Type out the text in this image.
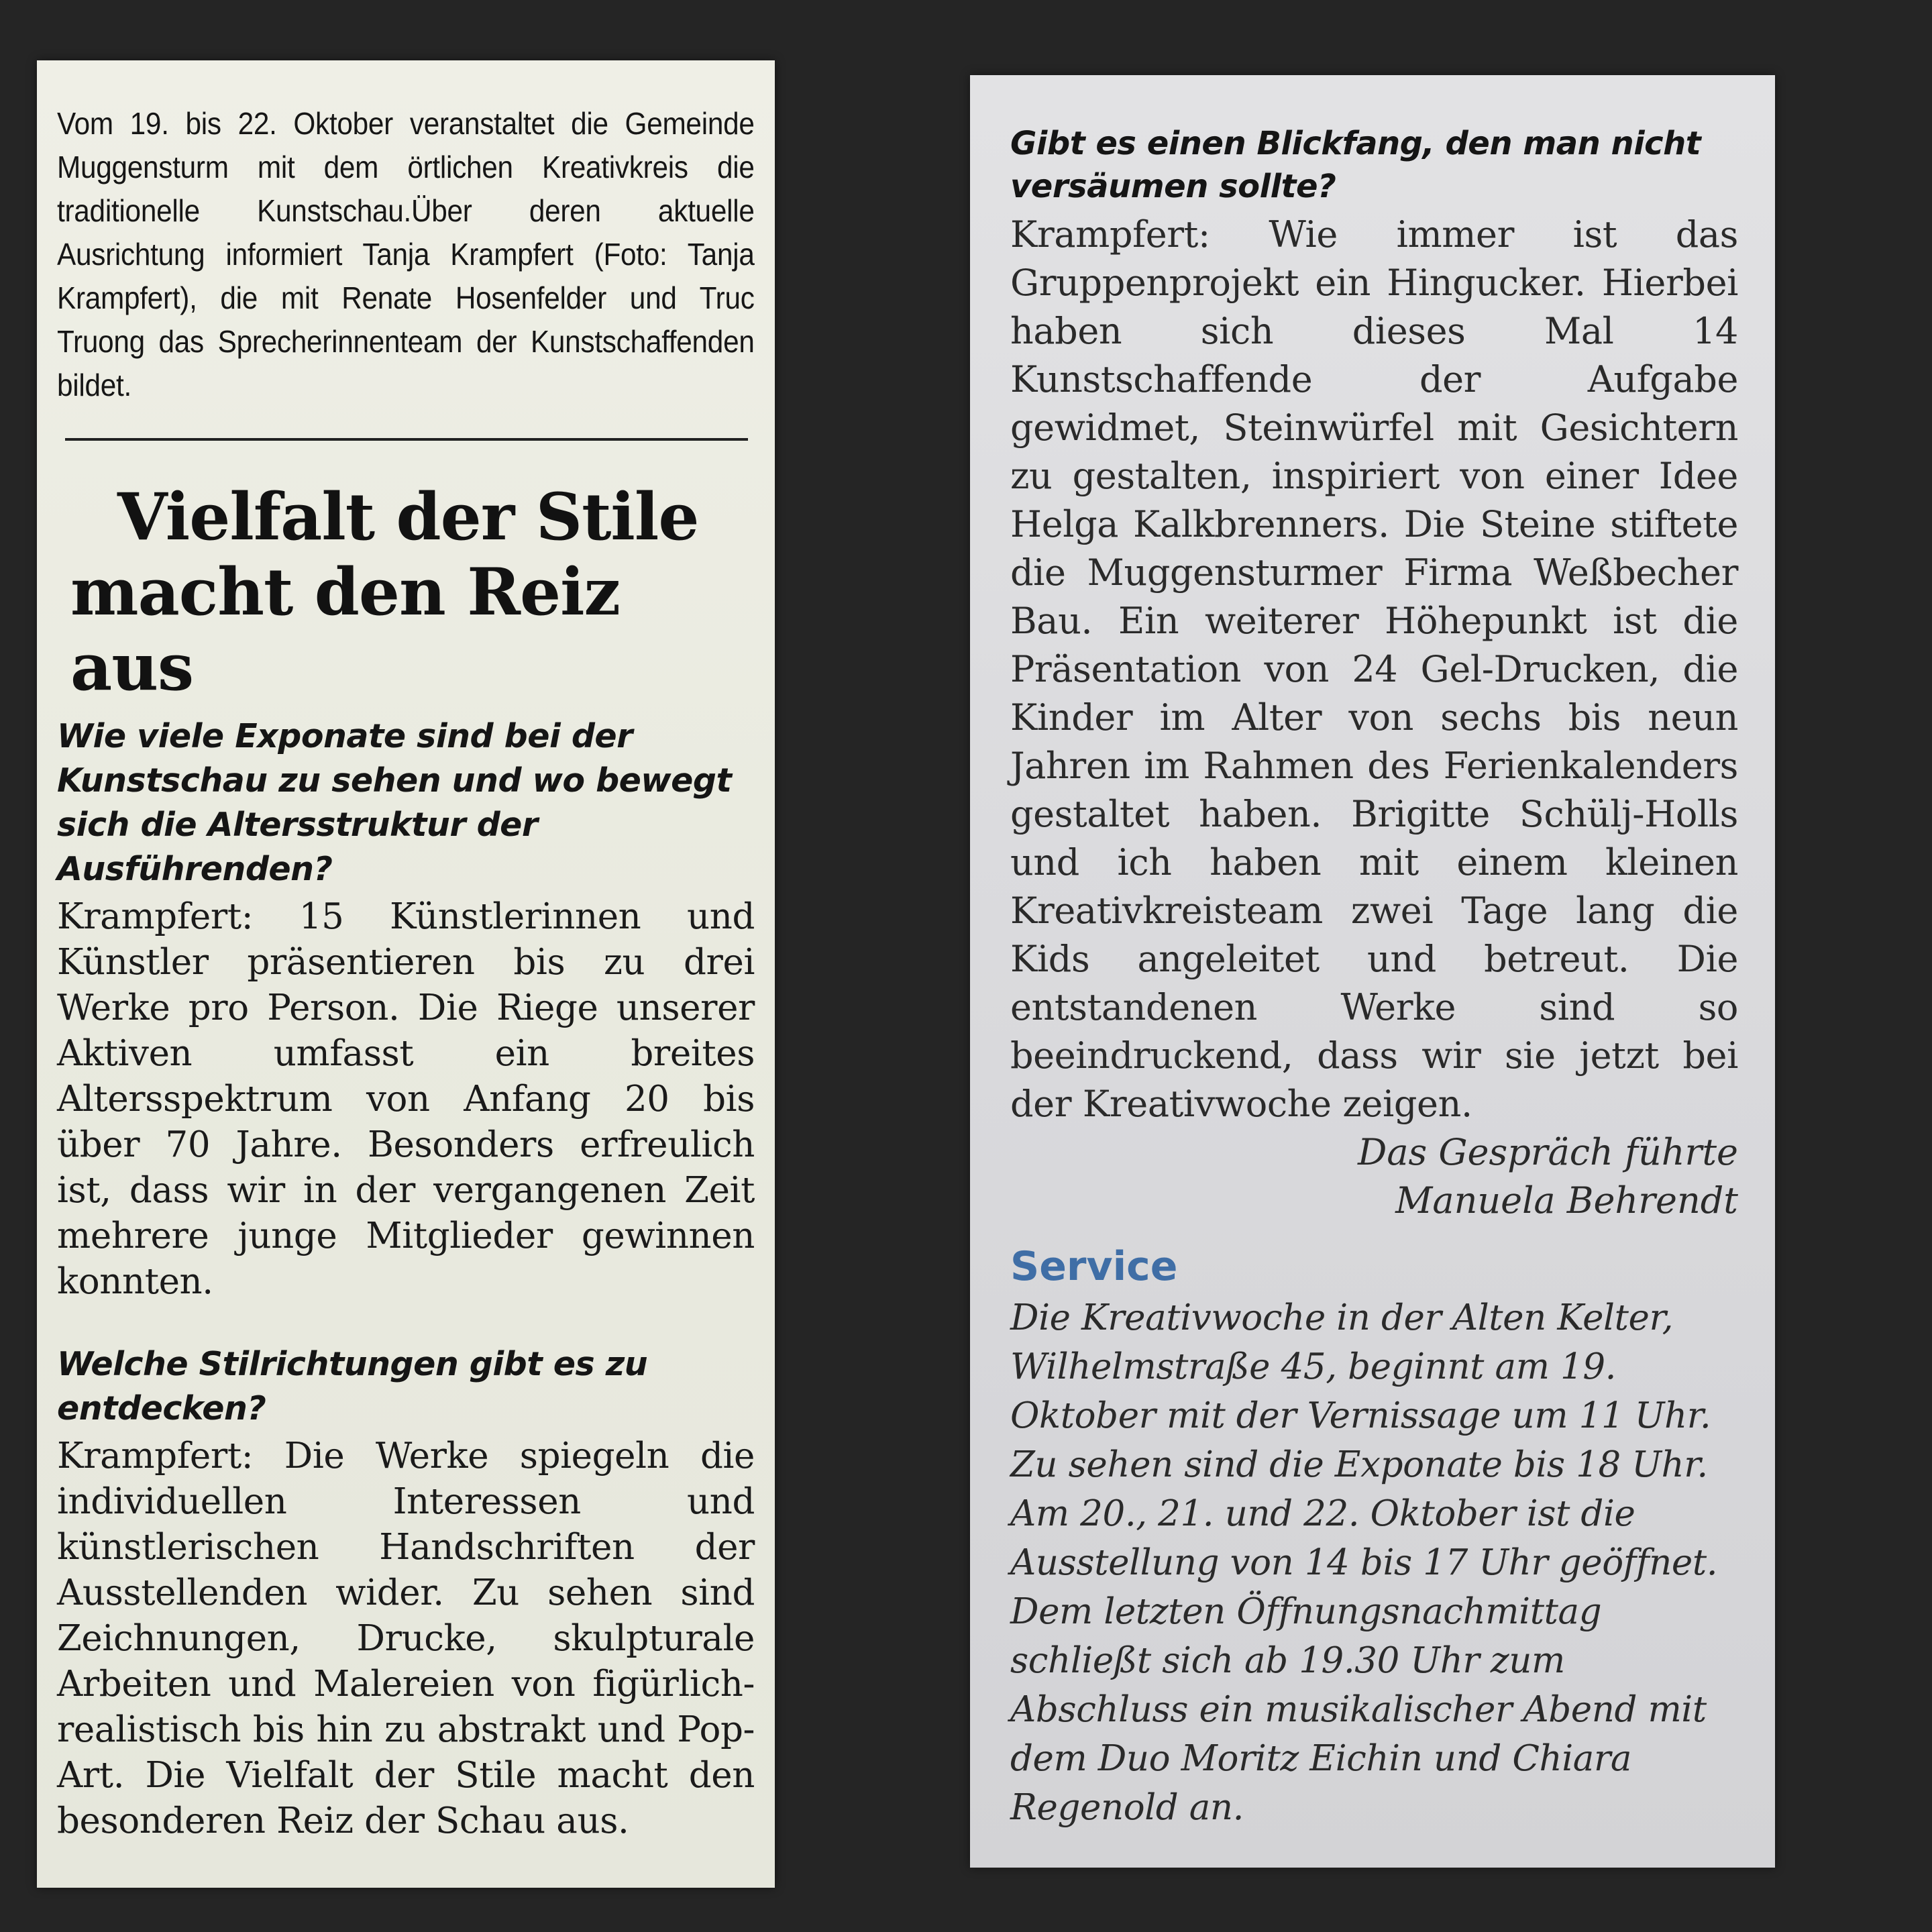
Vom 19. bis 22. Oktober veranstaltet die Gemeinde Muggensturm mit dem örtlichen Kreativkreis die traditionelle Kunstschau.Über deren aktuelle Ausrichtung informiert Tanja Krampfert (Foto: Tanja Krampfert), die mit Renate Hosenfelder und Truc Truong das Sprecherinnenteam der Kunstschaffenden bildet.

Vielfalt der Stile
macht den Reiz aus

Wie viele Exponate sind bei der Kunstschau zu sehen und wo bewegt sich die Altersstruktur der Ausführenden?

Krampfert: 15 Künstlerinnen und Künstler präsentieren bis zu drei Werke pro Person. Die Riege unserer Aktiven umfasst ein breites Altersspektrum von Anfang 20 bis über 70 Jahre. Besonders erfreulich ist, dass wir in der vergangenen Zeit mehrere junge Mitglieder gewinnen konnten.

Welche Stilrichtungen gibt es zu entdecken?

Krampfert: Die Werke spiegeln die individuellen Interessen und künstlerischen Handschriften der Ausstellenden wider. Zu sehen sind Zeichnungen, Drucke, skulpturale Arbeiten und Malereien von figürlich-realistisch bis hin zu abstrakt und Pop-Art. Die Vielfalt der Stile macht den besonderen Reiz der Schau aus.

Gibt es einen Blickfang, den man nicht versäumen sollte?

Krampfert: Wie immer ist das Gruppenprojekt ein Hingucker. Hierbei haben sich dieses Mal 14 Kunstschaffende der Aufgabe gewidmet, Steinwürfel mit Gesichtern zu gestalten, inspiriert von einer Idee Helga Kalkbrenners. Die Steine stiftete die Muggensturmer Firma Weßbecher Bau. Ein weiterer Höhepunkt ist die Präsentation von 24 Gel-Drucken, die Kinder im Alter von sechs bis neun Jahren im Rahmen des Ferienkalenders gestaltet haben. Brigitte Schülj-Holls und ich haben mit einem kleinen Kreativkreisteam zwei Tage lang die Kids angeleitet und betreut. Die entstandenen Werke sind so beeindruckend, dass wir sie jetzt bei der Kreativwoche zeigen.

Das Gespräch führte
Manuela Behrendt

Service

Die Kreativwoche in der Alten Kelter, Wilhelmstraße 45, beginnt am 19. Oktober mit der Vernissage um 11 Uhr. Zu sehen sind die Exponate bis 18 Uhr. Am 20., 21. und 22. Oktober ist die Ausstellung von 14 bis 17 Uhr geöffnet. Dem letzten Öffnungsnachmittag schließt sich ab 19.30 Uhr zum Abschluss ein musikalischer Abend mit dem Duo Moritz Eichin und Chiara Regenold an.
